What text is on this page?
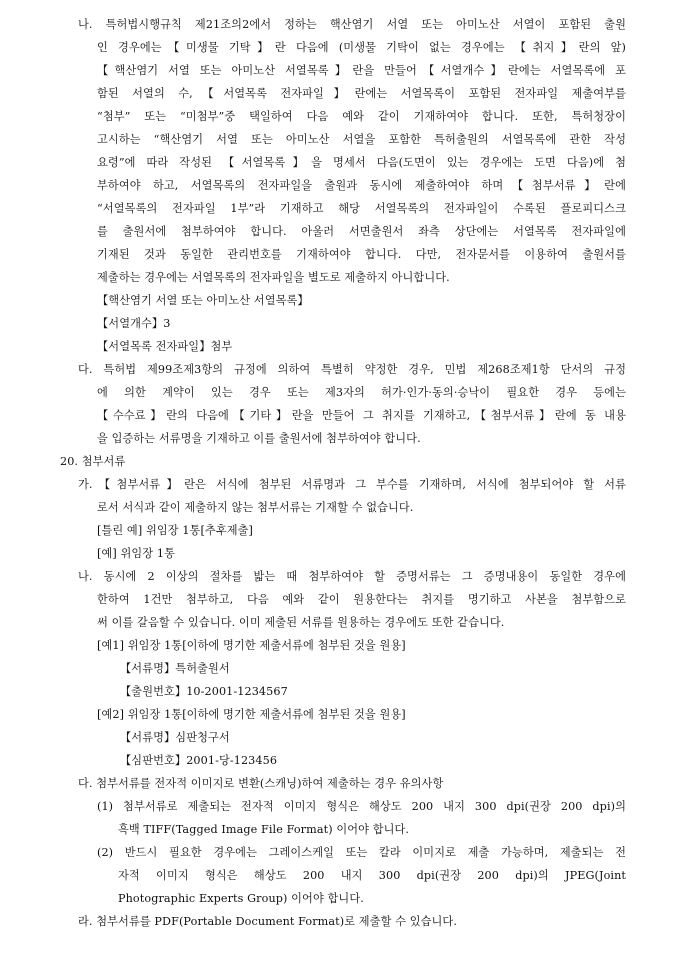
나. 특허법시행규칙 제21조의2에서 정하는 핵산염기 서열 또는 아미노산 서열이 포함된 출원
인 경우에는【미생물 기탁】란 다음에 (미생물 기탁이 없는 경우에는 【취지】란의 앞)
【핵산염기 서열 또는 아미노산 서열목록】란을 만들어【서열개수】란에는 서열목록에 포
함된 서열의 수,【서열목록 전자파일】란에는 서열목록이 포함된 전자파일 제출여부를
“첨부” 또는 “미첨부”중 택일하여 다음 예와 같이 기재하여야 합니다. 또한, 특허청장이
고시하는 “핵산염기 서열 또는 아미노산 서열을 포함한 특허출원의 서열목록에 관한 작성
요령”에 따라 작성된 【서열목록】을 명세서 다음(도면이 있는 경우에는 도면 다음)에 첨
부하여야 하고, 서열목록의 전자파일을 출원과 동시에 제출하여야 하며【첨부서류】란에
“서열목록의 전자파일 1부”라 기재하고 해당 서열목록의 전자파일이 수록된 플로피디스크
를 출원서에 첨부하여야 합니다. 아울러 서면출원서 좌측 상단에는 서열목록 전자파일에
기재된 것과 동일한 관리번호를 기재하여야 합니다. 다만, 전자문서를 이용하여 출원서를
제출하는 경우에는 서열목록의 전자파일을 별도로 제출하지 아니합니다.
【핵산염기 서열 또는 아미노산 서열목록】
【서열개수】3
【서열목록 전자파일】첨부
다. 특허법 제99조제3항의 규정에 의하여 특별히 약정한 경우, 민법 제268조제1항 단서의 규정
에 의한 계약이 있는 경우 또는 제3자의 허가·인가·동의·승낙이 필요한 경우 등에는
【수수료】란의 다음에【기타】란을 만들어 그 취지를 기재하고,【첨부서류】란에 동 내용
을 입증하는 서류명을 기재하고 이를 출원서에 첨부하여야 합니다.
20. 첨부서류
가.【첨부서류】란은 서식에 첨부된 서류명과 그 부수를 기재하며, 서식에 첨부되어야 할 서류
로서 서식과 같이 제출하지 않는 첨부서류는 기재할 수 없습니다.
[틀린 예] 위임장 1통[추후제출]
[예] 위임장 1통
나. 동시에 2 이상의 절차를 밟는 때 첨부하여야 할 증명서류는 그 증명내용이 동일한 경우에
한하여 1건만 첨부하고, 다음 예와 같이 원용한다는 취지를 명기하고 사본을 첨부함으로
써 이를 갈음할 수 있습니다. 이미 제출된 서류를 원용하는 경우에도 또한 같습니다.
[예1] 위임장 1통[이하에 명기한 제출서류에 첨부된 것을 원용]
【서류명】특허출원서
【출원번호】10-2001-1234567
[예2] 위임장 1통[이하에 명기한 제출서류에 첨부된 것을 원용]
【서류명】심판청구서
【심판번호】2001-당-123456
다. 첨부서류를 전자적 이미지로 변환(스캐닝)하여 제출하는 경우 유의사항
(1) 첨부서류로 제출되는 전자적 이미지 형식은 해상도 200 내지 300 dpi(권장 200 dpi)의
흑백 TIFF(Tagged Image File Format) 이어야 합니다.
(2) 반드시 필요한 경우에는 그레이스케일 또는 칼라 이미지로 제출 가능하며, 제출되는 전
자적 이미지 형식은 해상도 200 내지 300 dpi(권장 200 dpi)의 JPEG(Joint
Photographic Experts Group) 이어야 합니다.
라. 첨부서류를 PDF(Portable Document Format)로 제출할 수 있습니다.
